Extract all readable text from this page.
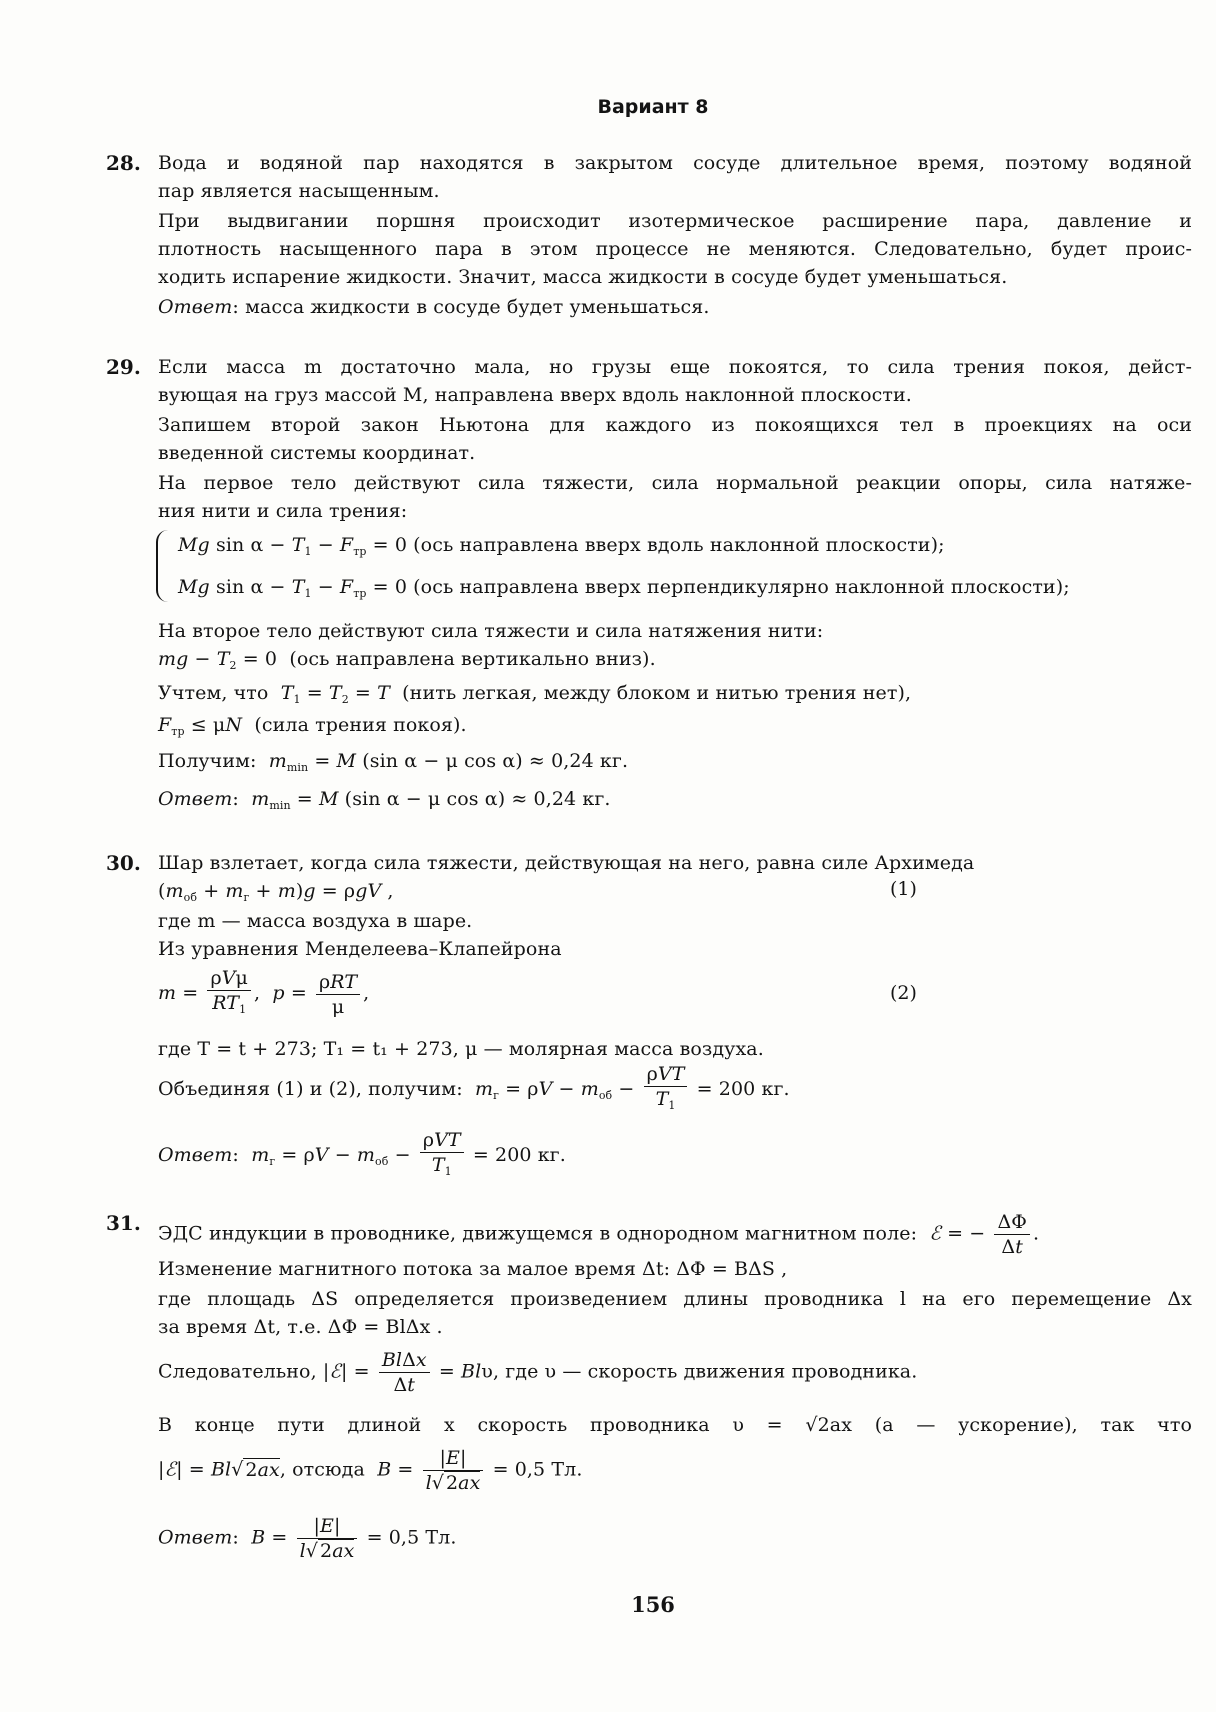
Вариант 8
28. Вода и водяной пар находятся в закрытом сосуде длительное время, поэтому водяной
пар является насыщенным.
При выдвигании поршня происходит изотермическое расширение пара, давление и
плотность насыщенного пара в этом процессе не меняются. Следовательно, будет проис-
ходить испарение жидкости. Значит, масса жидкости в сосуде будет уменьшаться.
Ответ: масса жидкости в сосуде будет уменьшаться.
29. Если масса m достаточно мала, но грузы еще покоятся, то сила трения покоя, дейст-
вующая на груз массой M, направлена вверх вдоль наклонной плоскости.
Запишем второй закон Ньютона для каждого из покоящихся тел в проекциях на оси
введенной системы координат.
На первое тело действуют сила тяжести, сила нормальной реакции опоры, сила натяже-
ния нити и сила трения:
Mg $\sin \alpha - T_1 - F_{тр} = 0$ (ось направлена вверх вдоль наклонной плоскости);
Mg $\sin \alpha - T_1 - F_{тр} = 0$ (ось направлена вверх перпендикулярно наклонной плоскости);
На вторoе тело действуют сила тяжести и сила натяжения нити:
mg − $T_2 = 0$  (ось направлена вертикально вниз).
Учтем, что $T_1 = T_2 = T$ (нить легкая, между блоком и нитью трения нет),
$F_{тр} \le \mu N$ (сила трения покоя).
Получим: $m_{min} = M$ (sin α − μ cos α) ≈ 0,24 кг.
Ответ:  $m_{min} = M$ (sin α − μ cos α) ≈ 0,24 кг.
30. Шар взлетает, когда сила тяжести, действующая на него, равна силе Архимеда
$(m_{об} + m_г + m)g = \rho gV$ ,	(1)
где m — масса воздуха в шаре.
Из уравнения Менделеева–Клапейрона
$m = \frac{\text{ρVμ}}{RT_1}$ ,  $p = \frac{\text{ρRT}}{\mu}$ ,	(2)
где T = t + 273; T₁ = t₁ + 273, μ — молярная масса воздуха.
Объединяя (1) и (2), получим: $m_г = \rho V - m_{об} - \frac{\text{ρVT}}{T_1} = 200$ кг.
Ответ:  $m_г = \rho V - m_{об} - \frac{\text{ρVT}}{T_1} = 200$ кг.
31. ЭДС индукции в проводнике, движущемся в однородном магнитном поле: ℰ = − $\frac{\Delta\Phi}{\Delta t}$ .
Изменение магнитного потока за малое время Δt: ΔΦ = BΔS ,
где площадь ΔS определяется произведением длины проводника l на его перемещение Δx
за время Δt, т.е. ΔΦ = BlΔx .
Следовательно, |ℰ| = $\frac{\text{BlΔx}}{\Delta t} = Bl\upsilon$, где υ — скорость движения проводника.
В конце пути длиной x скорость проводника υ = √2ax (a — ускорение), так что
|ℰ| = Bl√ 2ax, отсюда $B = \frac{|E|}{l√ 2ax} = 0,5$ Тл.
Ответ:  $B = \frac{|E|}{l√ 2ax} = 0,5$ Тл.
156
